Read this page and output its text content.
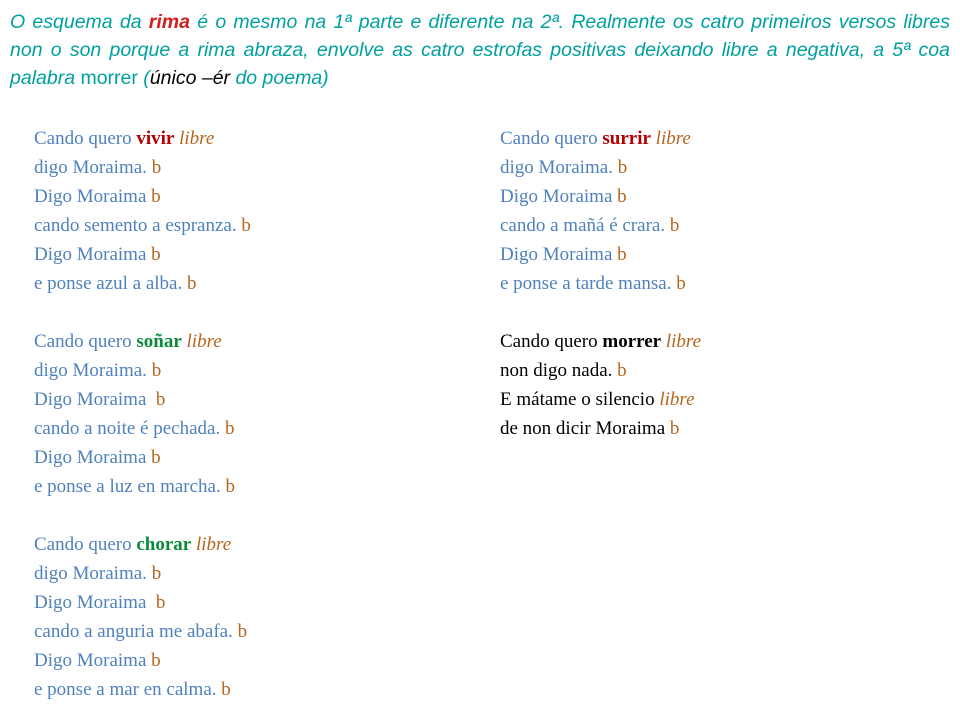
O esquema da rima é o mesmo na 1ª parte e diferente na 2ª. Realmente os catro primeiros versos libres non o son porque a rima abraza, envolve as catro estrofas positivas deixando libre a negativa, a 5ª coa palabra morrer (único –ér do poema)

Cando quero vivir libre
digo Moraima. b
Digo Moraima b
cando semento a espranza. b
Digo Moraima b
e ponse azul a alba. b
Cando quero soñar libre
digo Moraima. b
Digo Moraima  b
cando a noite é pechada. b
Digo Moraima b
e ponse a luz en marcha. b
Cando quero chorar libre
digo Moraima. b
Digo Moraima  b
cando a anguria me abafa. b
Digo Moraima b
e ponse a mar en calma. b
Cando quero surrir libre
digo Moraima. b
Digo Moraima b
cando a mañá é crara. b
Digo Moraima b
e ponse a tarde mansa. b
Cando quero morrer libre
non digo nada. b
E mátame o silencio libre
de non dicir Moraima b
